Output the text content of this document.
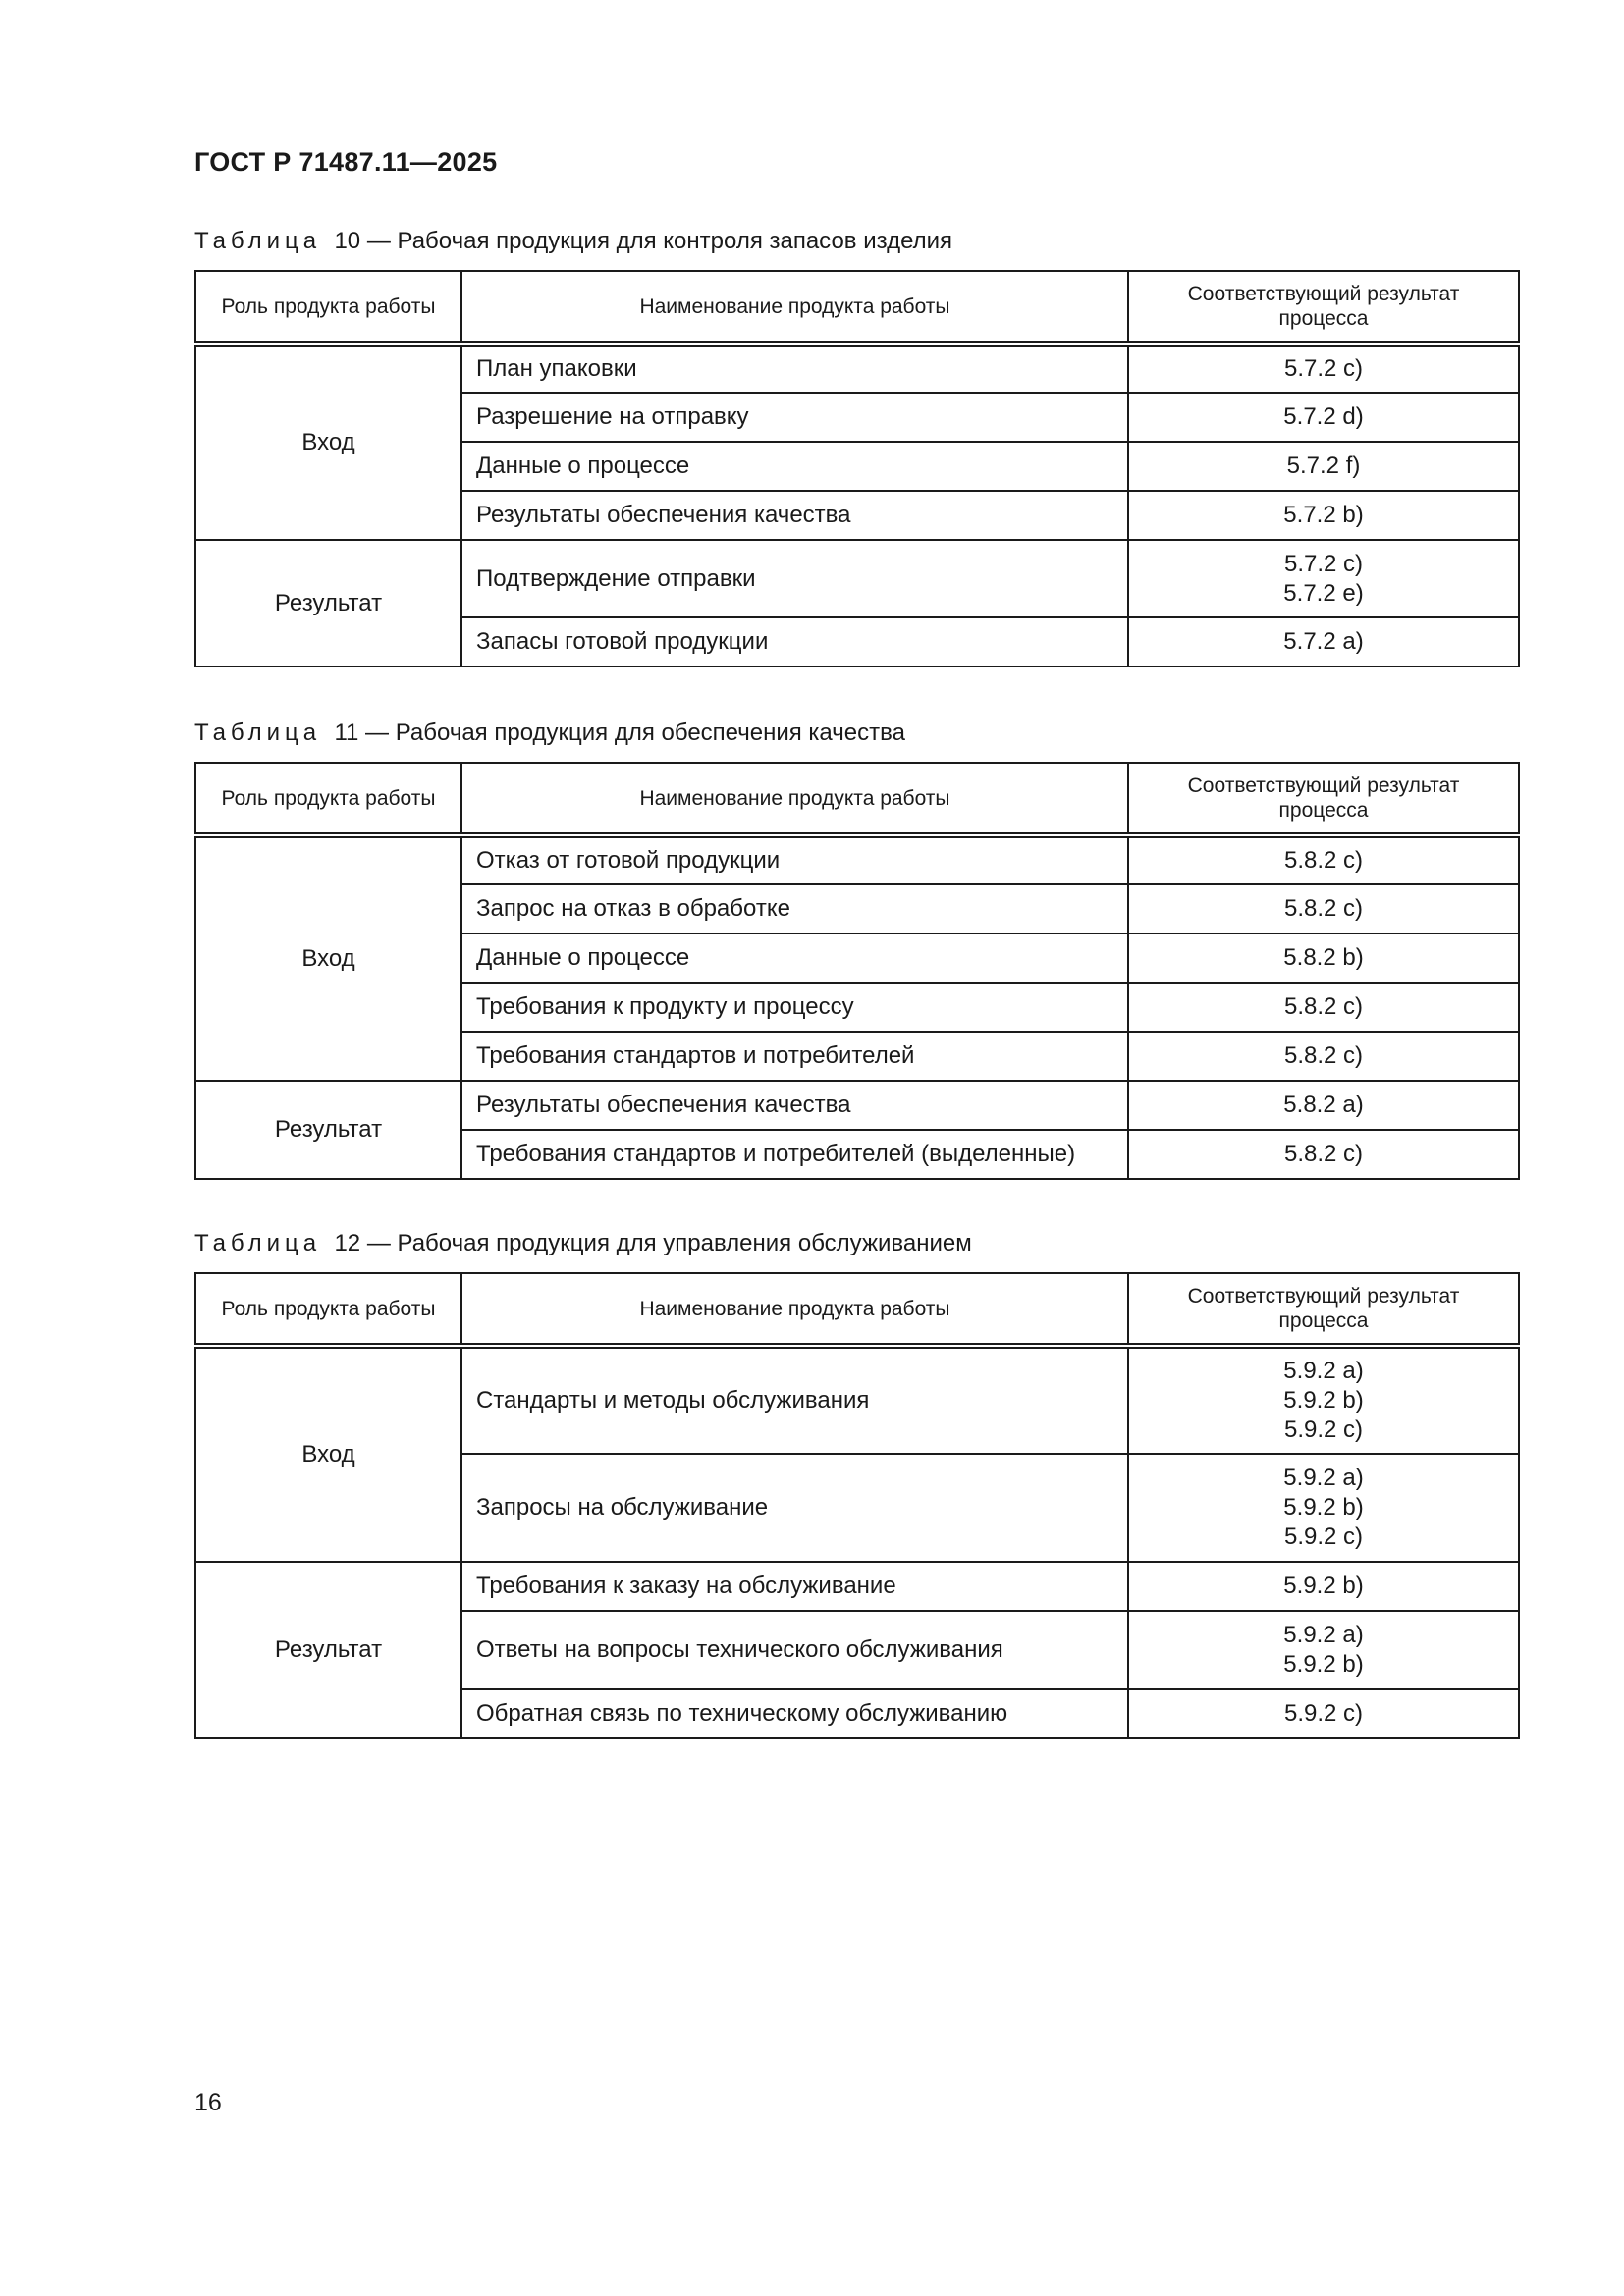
ГОСТ Р 71487.11—2025
Таблица 10 — Рабочая продукция для контроля запасов изделия
Роль продукта работы	Наименование продукта работы	Соответствующий результат процесса
Вход	План упаковки	5.7.2 c)
	Разрешение на отправку	5.7.2 d)
	Данные о процессе	5.7.2 f)
	Результаты обеспечения качества	5.7.2 b)
Результат	Подтверждение отправки	5.7.2 c)
5.7.2 e)

	Запасы готовой продукции	5.7.2 a)
Таблица 11 — Рабочая продукция для обеспечения качества
Роль продукта работы	Наименование продукта работы	Соответствующий результат процесса
Вход	Отказ от готовой продукции	5.8.2 c)
	Запрос на отказ в обработке	5.8.2 c)
	Данные о процессе	5.8.2 b)
	Требования к продукту и процессу	5.8.2 c)
	Требования стандартов и потребителей	5.8.2 c)
Результат	Результаты обеспечения качества	5.8.2 a)
	Требования стандартов и потребителей (выделенные)	5.8.2 c)
Таблица 12 — Рабочая продукция для управления обслуживанием
Роль продукта работы	Наименование продукта работы	Соответствующий результат процесса
Вход	Стандарты и методы обслуживания	5.9.2 a)
5.9.2 b)
5.9.2 c)

	Запросы на обслуживание	5.9.2 a)
5.9.2 b)
5.9.2 c)

Результат	Требования к заказу на обслуживание	5.9.2 b)
	Ответы на вопросы технического обслуживания	5.9.2 a)
5.9.2 b)

	Обратная связь по техническому обслуживанию	5.9.2 c)
16
